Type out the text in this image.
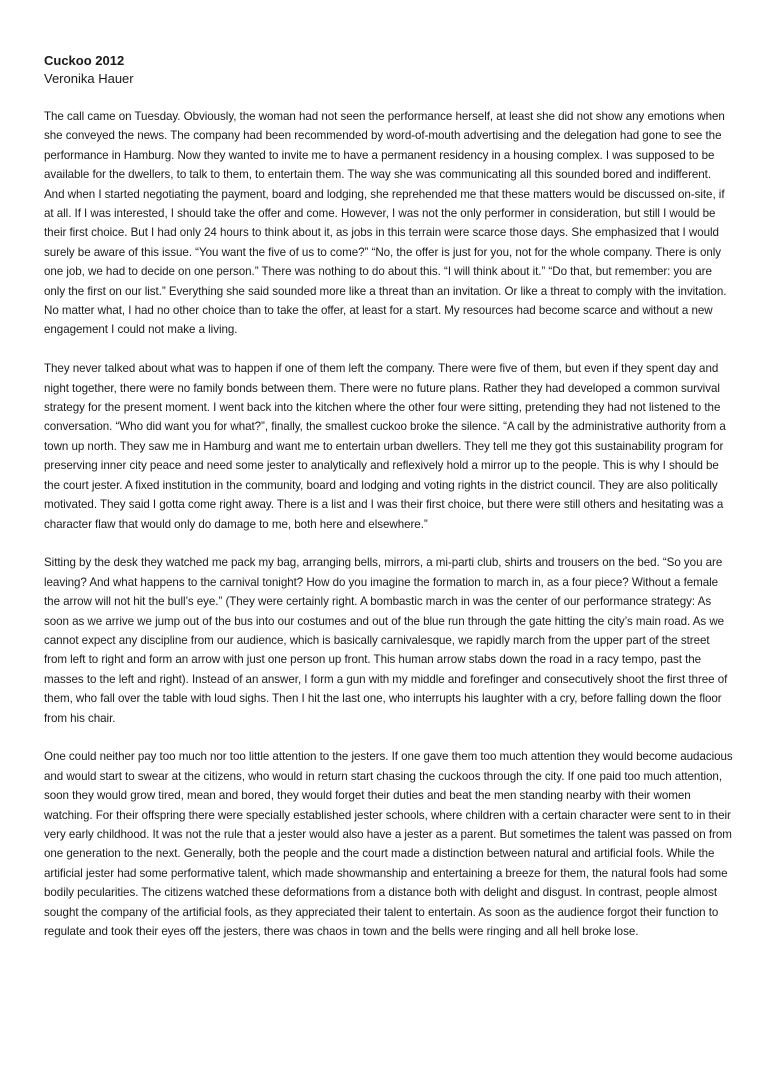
Cuckoo 2012
Veronika Hauer

The call came on Tuesday. Obviously, the woman had not seen the performance herself, at least she did not show any emotions when she conveyed the news. The company had been recommended by word-of-mouth advertising and the delegation had gone to see the performance in Hamburg. Now they wanted to invite me to have a permanent residency in a housing complex. I was supposed to be available for the dwellers, to talk to them, to entertain them. The way she was communicating all this sounded bored and indifferent. And when I started negotiating the payment, board and lodging, she reprehended me that these matters would be discussed on-site, if at all. If I was interested, I should take the offer and come. However, I was not the only performer in consideration, but still I would be their first choice. But I had only 24 hours to think about it, as jobs in this terrain were scarce those days. She emphasized that I would surely be aware of this issue. “You want the five of us to come?” “No, the offer is just for you, not for the whole company. There is only one job, we had to decide on one person.” There was nothing to do about this. “I will think about it.” “Do that, but remember: you are only the first on our list.” Everything she said sounded more like a threat than an invitation. Or like a threat to comply with the invitation. No matter what, I had no other choice than to take the offer, at least for a start. My resources had become scarce and without a new engagement I could not make a living.

They never talked about what was to happen if one of them left the company. There were five of them, but even if they spent day and night together, there were no family bonds between them. There were no future plans. Rather they had developed a common survival strategy for the present moment. I went back into the kitchen where the other four were sitting, pretending they had not listened to the conversation. “Who did want you for what?”, finally, the smallest cuckoo broke the silence. “A call by the administrative authority from a town up north. They saw me in Hamburg and want me to entertain urban dwellers. They tell me they got this sustainability program for preserving inner city peace and need some jester to analytically and reflexively hold a mirror up to the people. This is why I should be the court jester. A fixed institution in the community, board and lodging and voting rights in the district council. They are also politically motivated. They said I gotta come right away. There is a list and I was their first choice, but there were still others and hesitating was a character flaw that would only do damage to me, both here and elsewhere.”

Sitting by the desk they watched me pack my bag, arranging bells, mirrors, a mi-parti club, shirts and trousers on the bed. “So you are leaving? And what happens to the carnival tonight? How do you imagine the formation to march in, as a four piece? Without a female the arrow will not hit the bull’s eye.” (They were certainly right. A bombastic march in was the center of our performance strategy: As soon as we arrive we jump out of the bus into our costumes and out of the blue run through the gate hitting the city’s main road. As we cannot expect any discipline from our audience, which is basically carnivalesque, we rapidly march from the upper part of the street from left to right and form an arrow with just one person up front. This human arrow stabs down the road in a racy tempo, past the masses to the left and right). Instead of an answer, I form a gun with my middle and forefinger and consecutively shoot the first three of them, who fall over the table with loud sighs. Then I hit the last one, who interrupts his laughter with a cry, before falling down the floor from his chair.

One could neither pay too much nor too little attention to the jesters. If one gave them too much attention they would become audacious and would start to swear at the citizens, who would in return start chasing the cuckoos through the city. If one paid too much attention, soon they would grow tired, mean and bored, they would forget their duties and beat the men standing nearby with their women watching. For their offspring there were specially established jester schools, where children with a certain character were sent to in their very early childhood. It was not the rule that a jester would also have a jester as a parent. But sometimes the talent was passed on from one generation to the next. Generally, both the people and the court made a distinction between natural and artificial fools. While the artificial jester had some performative talent, which made showmanship and entertaining a breeze for them, the natural fools had some bodily pecularities. The citizens watched these deformations from a distance both with delight and disgust. In contrast, people almost sought the company of the artificial fools, as they appreciated their talent to entertain. As soon as the audience forgot their function to regulate and took their eyes off the jesters, there was chaos in town and the bells were ringing and all hell broke lose.
